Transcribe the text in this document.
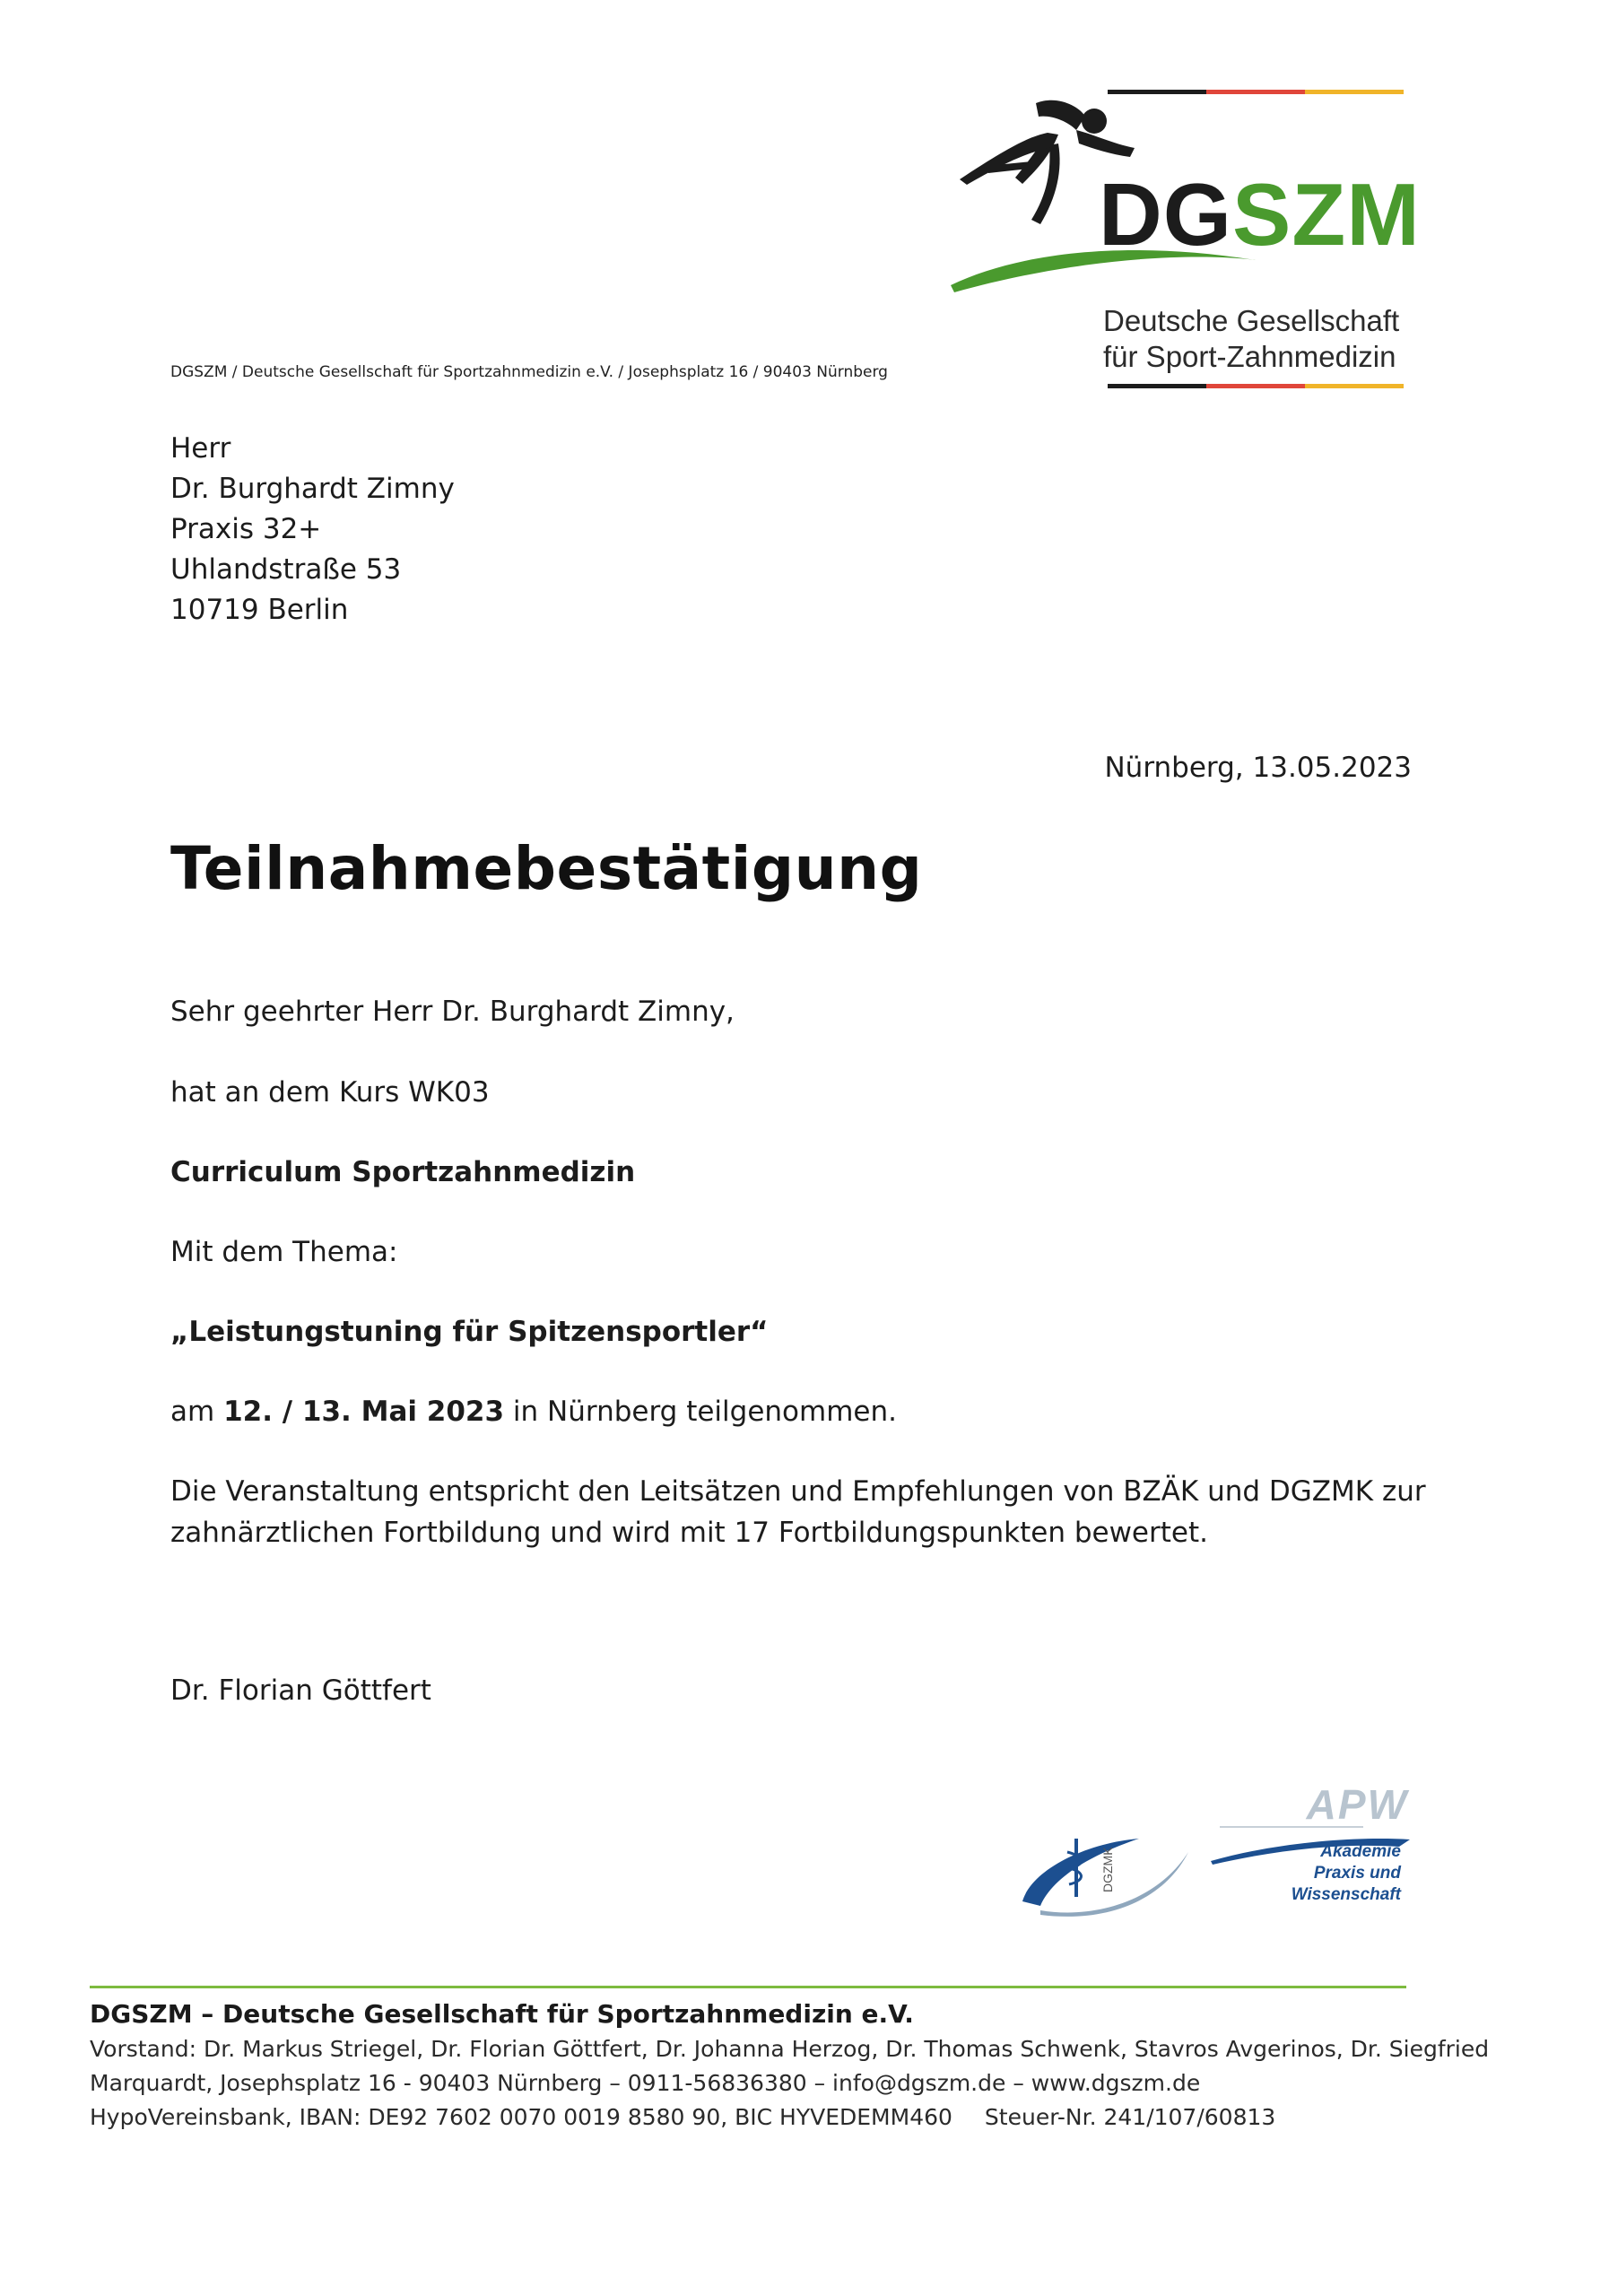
DGSZM
Deutsche Gesellschaft
für Sport-Zahnmedizin
DGSZM / Deutsche Gesellschaft für Sportzahnmedizin e.V. / Josephsplatz 16 / 90403 Nürnberg
Herr
Dr. Burghardt Zimny
Praxis 32+
Uhlandstraße 53
10719 Berlin
Nürnberg, 13.05.2023
Teilnahmebestätigung
Sehr geehrter Herr Dr. Burghardt Zimny,
hat an dem Kurs WK03
Curriculum Sportzahnmedizin
Mit dem Thema:
„Leistungstuning für Spitzensportler“
am 12. / 13. Mai 2023 in Nürnberg teilgenommen.
Die Veranstaltung entspricht den Leitsätzen und Empfehlungen von BZÄK und DGZMK zur
zahnärztlichen Fortbildung und wird mit 17 Fortbildungspunkten bewertet.
Dr. Florian Göttfert
DGZMK
APW
Akademie
Praxis und Wissenschaft
DGSZM – Deutsche Gesellschaft für Sportzahnmedizin e.V.
Vorstand: Dr. Markus Striegel, Dr. Florian Göttfert, Dr. Johanna Herzog, Dr. Thomas Schwenk, Stavros Avgerinos, Dr. Siegfried
Marquardt, Josephsplatz 16 - 90403 Nürnberg – 0911-56836380 – info@dgszm.de – www.dgszm.de
HypoVereinsbank, IBAN: DE92 7602 0070 0019 8580 90, BIC HYVEDEMM460 Steuer-Nr. 241/107/60813
